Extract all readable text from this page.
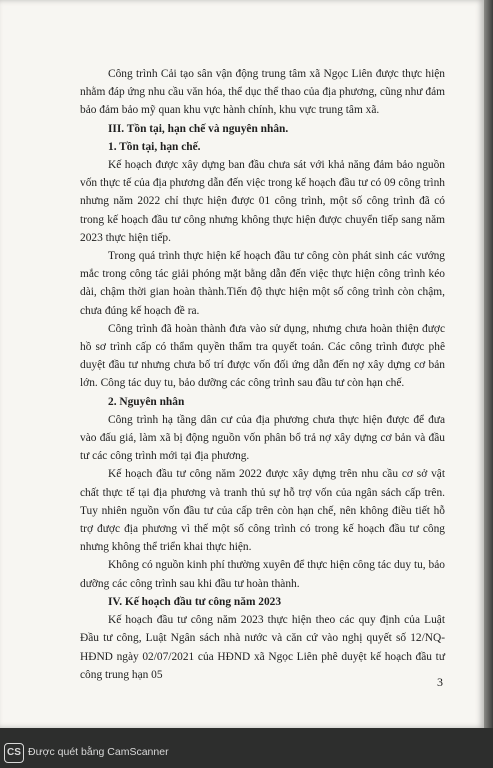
Công trình Cải tạo sân vận động trung tâm xã Ngọc Liên được thực hiện nhằm đáp ứng nhu cầu văn hóa, thể dục thể thao của địa phương, cũng như đảm bảo đảm bảo mỹ quan khu vực hành chính, khu vực trung tâm xã.

III. Tồn tại, hạn chế và nguyên nhân.

1. Tồn tại, hạn chế.

Kế hoạch được xây dựng ban đầu chưa sát với khả năng đảm bảo nguồn vốn thực tế của địa phương dẫn đến việc trong kế hoạch đầu tư có 09 công trình nhưng năm 2022 chỉ thực hiện được 01 công trình, một số công trình đã có trong kế hoạch đầu tư công nhưng không thực hiện được chuyển tiếp sang năm 2023 thực hiện tiếp.

Trong quá trình thực hiện kế hoạch đầu tư công còn phát sinh các vướng mắc trong công tác giải phóng mặt bằng dẫn đến việc thực hiện công trình kéo dài, chậm thời gian hoàn thành.Tiến độ thực hiện một số công trình còn chậm, chưa đúng kế hoạch đề ra.

Công trình đã hoàn thành đưa vào sử dụng, nhưng chưa hoàn thiện được hồ sơ trình cấp có thẩm quyền thẩm tra quyết toán. Các công trình được phê duyệt đầu tư nhưng chưa bố trí được vốn đối ứng dẫn đến nợ xây dựng cơ bản lớn. Công tác duy tu, bảo dưỡng các công trình sau đầu tư còn hạn chế.

2. Nguyên nhân

Công trình hạ tầng dân cư của địa phương chưa thực hiện được để đưa vào đấu giá, làm xã bị động nguồn vốn phân bổ trả nợ xây dựng cơ bản và đầu tư các công trình mới tại địa phương.

Kế hoạch đầu tư công năm 2022 được xây dựng trên nhu cầu cơ sở vật chất thực tế tại địa phương và tranh thủ sự hỗ trợ vốn của ngân sách cấp trên. Tuy nhiên nguồn vốn đầu tư của cấp trên còn hạn chế, nên không điều tiết hỗ trợ được địa phương vì thế một số công trình có trong kế hoạch đầu tư công nhưng không thể triển khai thực hiện.

Không có nguồn kinh phí thường xuyên để thực hiện công tác duy tu, bảo dưỡng các công trình sau khi đầu tư hoàn thành.

IV. Kế hoạch đầu tư công năm 2023

Kế hoạch đầu tư công năm 2023 thực hiện theo các quy định của Luật Đầu tư công, Luật Ngân sách nhà nước và căn cứ vào nghị quyết số 12/NQ-HĐND ngày 02/07/2021 của HĐND xã Ngọc Liên phê duyệt kế hoạch đầu tư công trung hạn 05

3
CS Được quét bằng CamScanner
